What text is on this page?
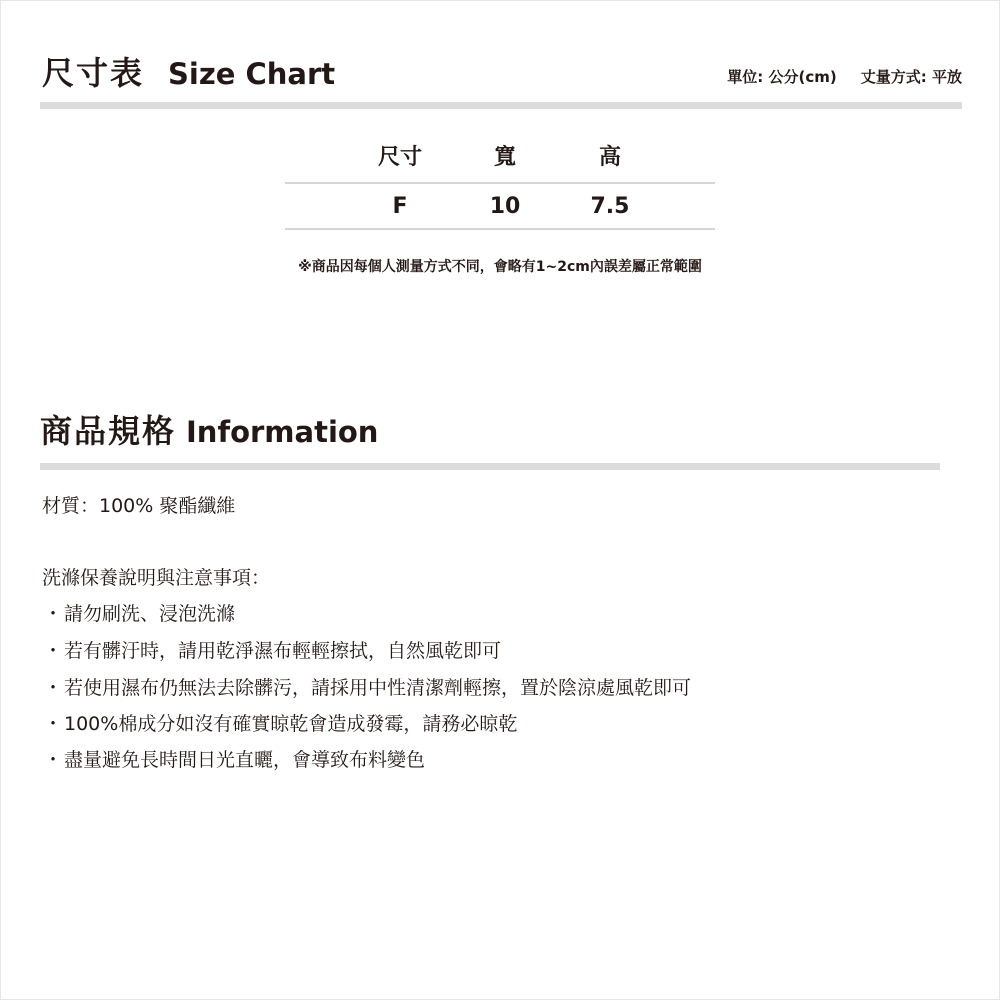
尺寸表 Size Chart	單位: 公分(cm) 丈量方式: 平放
尺寸	寬	高
F	10	7.5
※商品因每個人測量方式不同，會略有1~2cm內誤差屬正常範圍
商品規格 Information
材質：100% 聚酯纖維
洗滌保養說明與注意事項：
・請勿刷洗、浸泡洗滌
・若有髒汙時，請用乾淨濕布輕輕擦拭，自然風乾即可
・若使用濕布仍無法去除髒污，請採用中性清潔劑輕擦，置於陰涼處風乾即可
・100%棉成分如沒有確實晾乾會造成發霉，請務必晾乾
・盡量避免長時間日光直曬，會導致布料變色
